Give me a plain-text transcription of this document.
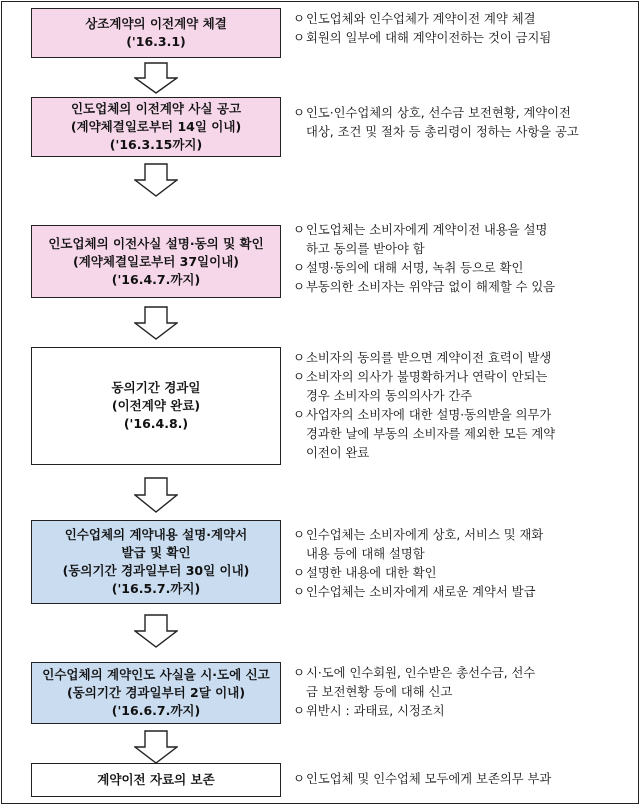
상조계약의 이전계약 체결
('16.3.1)
ㅇ 인도업체와 인수업체가 계약이전 계약 체결
ㅇ 회원의 일부에 대해 계약이전하는 것이 금지됨
인도업체의 이전계약 사실 공고
(계약체결일로부터 14일 이내)
('16.3.15까지)
ㅇ 인도·인수업체의 상호, 선수금 보전현황, 계약이전
대상, 조건 및 절차 등 총리령이 정하는 사항을 공고
인도업체의 이전사실 설명·동의 및 확인
(계약체결일로부터 37일이내)
('16.4.7.까지)
ㅇ 인도업체는 소비자에게 계약이전 내용을 설명
하고 동의를 받아야 함
ㅇ 설명·동의에 대해 서명, 녹취 등으로 확인
ㅇ 부동의한 소비자는 위약금 없이 해제할 수 있음
동의기간 경과일
(이전계약 완료)
('16.4.8.)
ㅇ 소비자의 동의를 받으면 계약이전 효력이 발생
ㅇ 소비자의 의사가 불명확하거나 연락이 안되는
경우 소비자의 동의의사가 간주
ㅇ 사업자의 소비자에 대한 설명·동의받을 의무가
경과한 날에 부동의 소비자를 제외한 모든 계약
이전이 완료
인수업체의 계약내용 설명·계약서
발급 및 확인
(동의기간 경과일부터 30일 이내)
('16.5.7.까지)
ㅇ 인수업체는 소비자에게 상호, 서비스 및 재화
내용 등에 대해 설명함
ㅇ 설명한 내용에 대한 확인
ㅇ 인수업체는 소비자에게 새로운 계약서 발급
인수업체의 계약인도 사실을 시·도에 신고
(동의기간 경과일부터 2달 이내)
('16.6.7.까지)
ㅇ 시·도에 인수회원, 인수받은 총선수금, 선수
금 보전현황 등에 대해 신고
ㅇ 위반시 : 과태료, 시정조치
계약이전 자료의 보존	ㅇ 인도업체 및 인수업체 모두에게 보존의무 부과
